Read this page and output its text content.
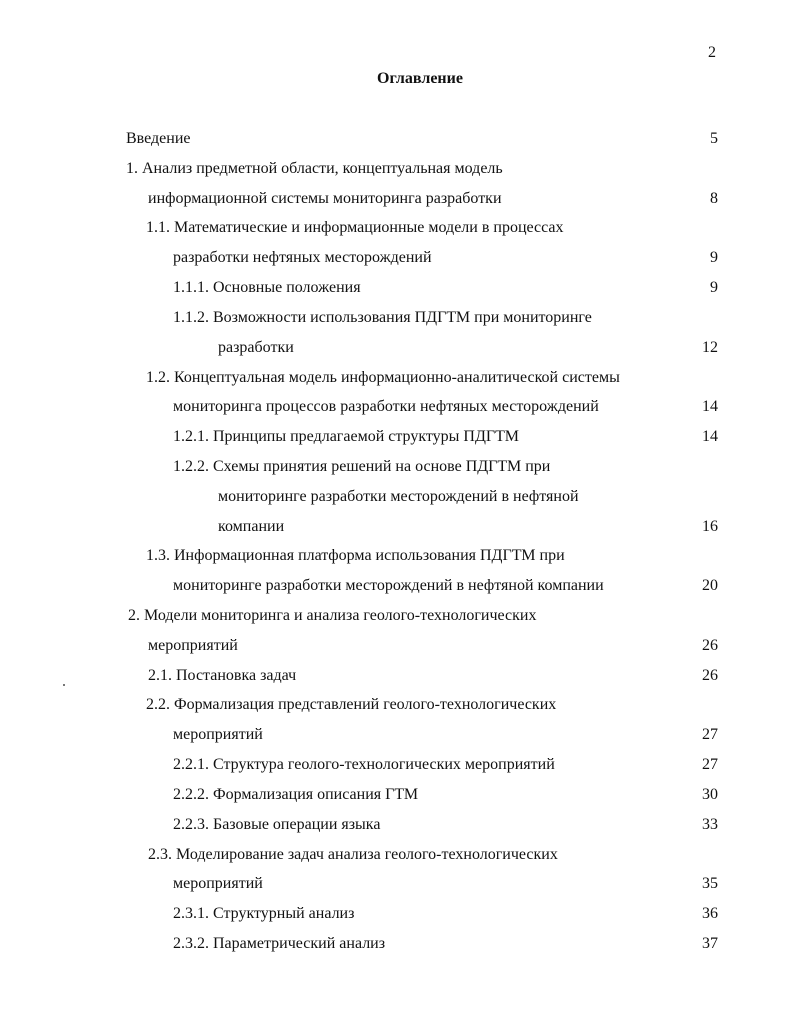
2
Оглавление
Введение	5
1. Анализ предметной области, концептуальная модель
информационной системы мониторинга разработки	8
1.1. Математические и информационные модели в процессах
разработки нефтяных месторождений	9
1.1.1. Основные положения	9
1.1.2. Возможности использования ПДГТМ при мониторинге
разработки	12
1.2. Концептуальная модель информационно-аналитической системы
мониторинга процессов разработки нефтяных месторождений	14
1.2.1. Принципы предлагаемой структуры ПДГТМ	14
1.2.2. Схемы принятия решений на основе ПДГТМ при
мониторинге разработки месторождений в нефтяной
компании	16
1.3. Информационная платформа использования ПДГТМ при
мониторинге разработки месторождений в нефтяной компании	20
2. Модели мониторинга и анализа геолого-технологических
мероприятий	26
2.1. Постановка задач	26
2.2. Формализация представлений геолого-технологических
мероприятий	27
2.2.1. Структура геолого-технологических мероприятий	27
2.2.2. Формализация описания ГТМ	30
2.2.3. Базовые операции языка	33
2.3. Моделирование задач анализа геолого-технологических
мероприятий	35
2.3.1. Структурный анализ	36
2.3.2. Параметрический анализ	37
